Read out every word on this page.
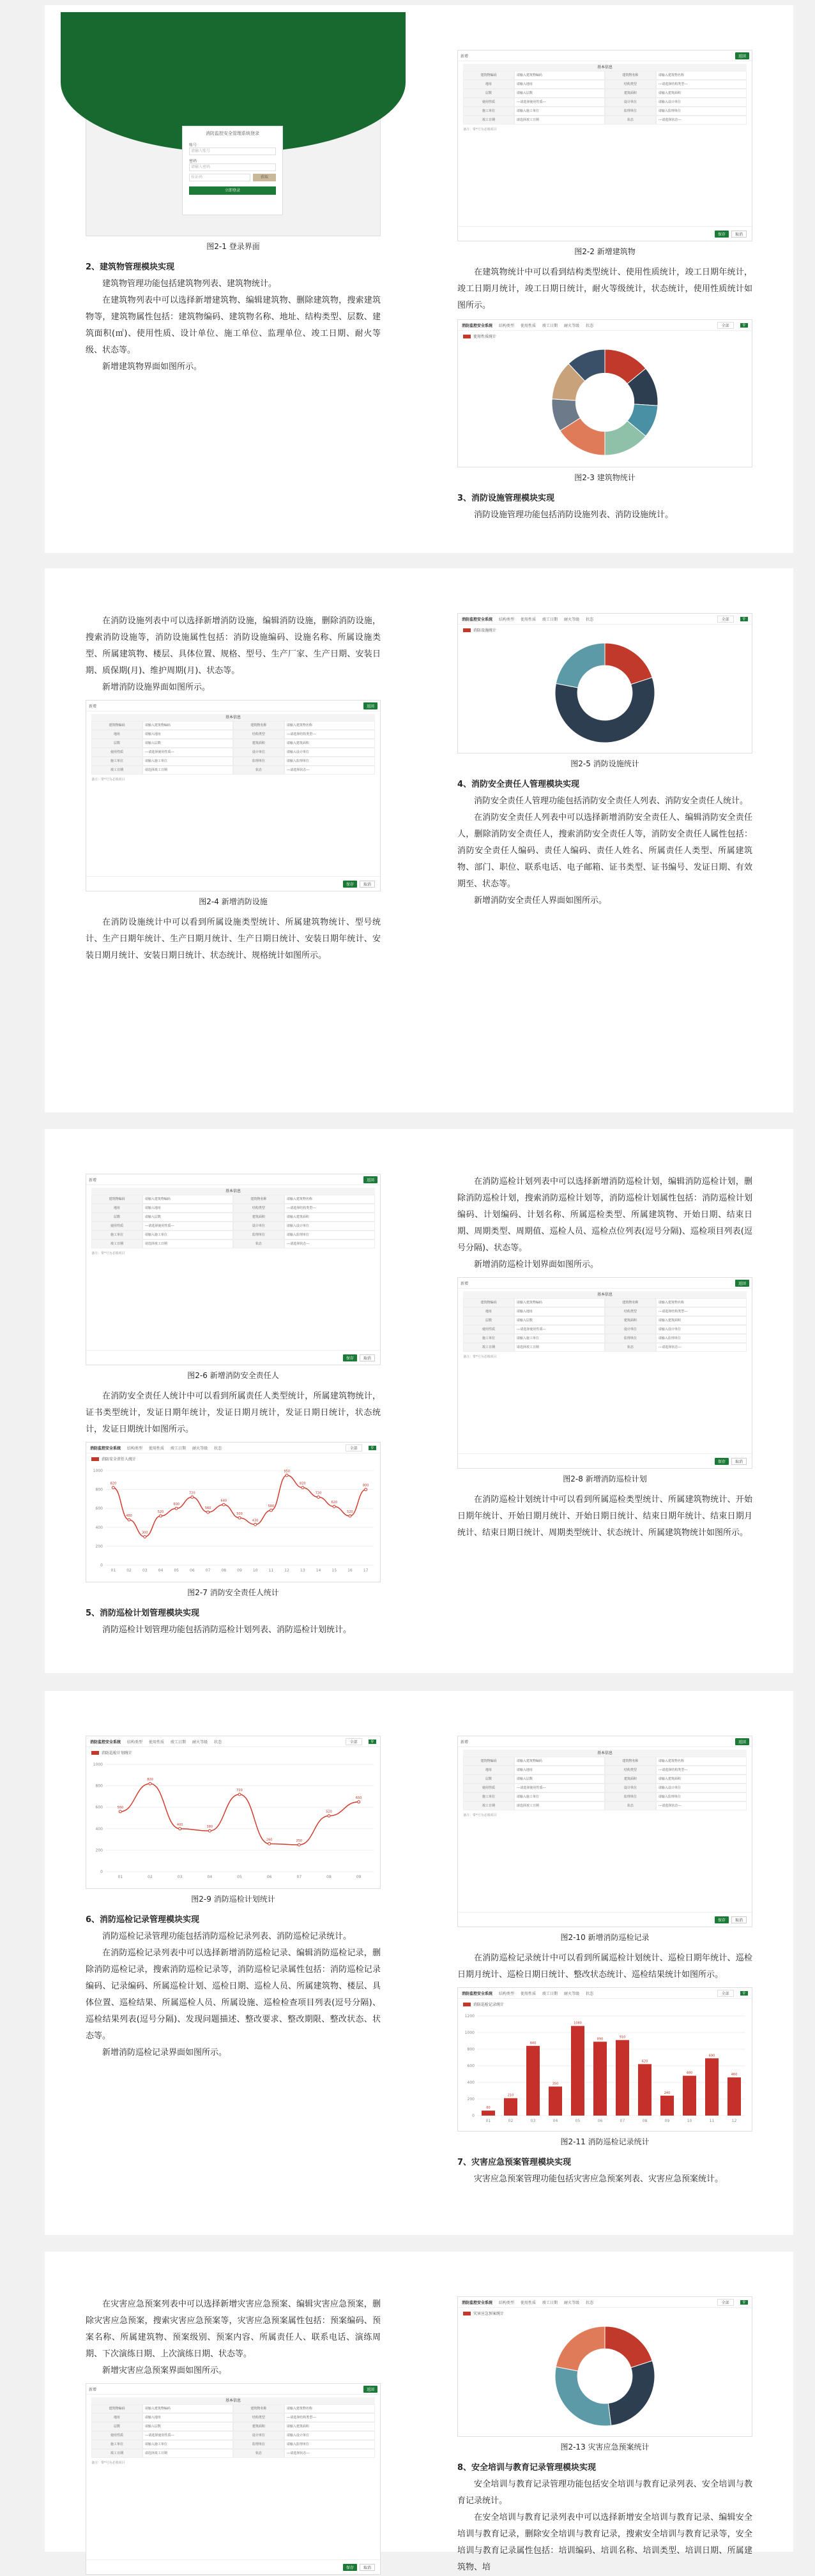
消防监控安全管理系统登录
账号
请输入账号
密码
请输入密码
验证码	获取
立即登录

图2-1 登录界面

2、建筑物管理模块实现

建筑物管理功能包括建筑物列表、建筑物统计。

在建筑物列表中可以选择新增建筑物、编辑建筑物、删除建筑物，搜索建筑物等，建筑物属性包括：建筑物编码、建筑物名称、地址、结构类型、层数、建筑面积(㎡)、使用性质、设计单位、施工单位、监理单位、竣工日期、耐火等级、状态等。

新增建筑物界面如图所示。

新增	返回
基本信息
建筑物编码	请输入建筑物编码	建筑物名称	请输入建筑物名称
地址	请输入地址	结构类型	---请选择结构类型---
层数	请输入层数	建筑面积	请输入建筑面积
使用性质	---请选择使用性质---	设计单位	请输入设计单位
施工单位	请输入施工单位	监理单位	请输入监理单位
竣工日期	请选择竣工日期	状态	---请选择状态---
备注：带*号为必填项目
保存	取消

图2-2 新增建筑物

在建筑物统计中可以看到结构类型统计、使用性质统计，竣工日期年统计，竣工日期月统计，竣工日期日统计，耐火等级统计，状态统计，使用性质统计如图所示。

消防监控安全系统 结构类型 使用性质 竣工日期 耐火等级 状态	全部	⚲
使用性质统计

图2-3 建筑物统计

3、消防设施管理模块实现

消防设施管理功能包括消防设施列表、消防设施统计。

在消防设施列表中可以选择新增消防设施，编辑消防设施，删除消防设施，搜索消防设施等，消防设施属性包括：消防设施编码、设施名称、所属设施类型、所属建筑物、楼层、具体位置、规格、型号、生产厂家、生产日期、安装日期、质保期(月)、维护周期(月)、状态等。

新增消防设施界面如图所示。

新增	返回
基本信息
建筑物编码	请输入建筑物编码	建筑物名称	请输入建筑物名称
地址	请输入地址	结构类型	---请选择结构类型---
层数	请输入层数	建筑面积	请输入建筑面积
使用性质	---请选择使用性质---	设计单位	请输入设计单位
施工单位	请输入施工单位	监理单位	请输入监理单位
竣工日期	请选择竣工日期	状态	---请选择状态---
备注：带*号为必填项目
保存	取消

图2-4 新增消防设施

在消防设施统计中可以看到所属设施类型统计、所属建筑物统计、型号统计、生产日期年统计、生产日期月统计、生产日期日统计、安装日期年统计、安装日期月统计、安装日期日统计、状态统计、规格统计如图所示。

消防监控安全系统 结构类型 使用性质 竣工日期 耐火等级 状态	全部	⚲
消防设施统计

图2-5 消防设施统计

4、消防安全责任人管理模块实现

消防安全责任人管理功能包括消防安全责任人列表、消防安全责任人统计。

在消防安全责任人列表中可以选择新增消防安全责任人、编辑消防安全责任人，删除消防安全责任人，搜索消防安全责任人等，消防安全责任人属性包括：消防安全责任人编码、责任人编码、责任人姓名、所属责任人类型、所属建筑物、部门、职位、联系电话、电子邮箱、证书类型、证书编号、发证日期、有效期至、状态等。

新增消防安全责任人界面如图所示。

新增	返回
基本信息
建筑物编码	请输入建筑物编码	建筑物名称	请输入建筑物名称
地址	请输入地址	结构类型	---请选择结构类型---
层数	请输入层数	建筑面积	请输入建筑面积
使用性质	---请选择使用性质---	设计单位	请输入设计单位
施工单位	请输入施工单位	监理单位	请输入监理单位
竣工日期	请选择竣工日期	状态	---请选择状态---
备注：带*号为必填项目
保存	取消

图2-6 新增消防安全责任人

在消防安全责任人统计中可以看到所属责任人类型统计，所属建筑物统计，证书类型统计，发证日期年统计，发证日期月统计，发证日期日统计，状态统计，发证日期统计如图所示。

消防监控安全系统 结构类型 使用性质 竣工日期 耐火等级 状态	全部	⚲
消防安全责任人统计
0
200
400
600
800
1000
820
01
480
02
300
03
520
04
600
05
720
06
560
07
640
08
500
09
430
10
580
11
950
12
820
13
720
14
620
15
520
16
800
17

图2-7 消防安全责任人统计

5、消防巡检计划管理模块实现

消防巡检计划管理功能包括消防巡检计划列表、消防巡检计划统计。

在消防巡检计划列表中可以选择新增消防巡检计划，编辑消防巡检计划，删除消防巡检计划，搜索消防巡检计划等，消防巡检计划属性包括：消防巡检计划编码、计划编码、计划名称、所属巡检类型、所属建筑物、开始日期、结束日期、周期类型、周期值、巡检人员、巡检点位列表(逗号分隔)、巡检项目列表(逗号分隔)、状态等。

新增消防巡检计划界面如图所示。

新增	返回
基本信息
建筑物编码	请输入建筑物编码	建筑物名称	请输入建筑物名称
地址	请输入地址	结构类型	---请选择结构类型---
层数	请输入层数	建筑面积	请输入建筑面积
使用性质	---请选择使用性质---	设计单位	请输入设计单位
施工单位	请输入施工单位	监理单位	请输入监理单位
竣工日期	请选择竣工日期	状态	---请选择状态---
备注：带*号为必填项目
保存	取消

图2-8 新增消防巡检计划

在消防巡检计划统计中可以看到所属巡检类型统计、所属建筑物统计、开始日期年统计、开始日期月统计、开始日期日统计、结束日期年统计、结束日期月统计、结束日期日统计、周期类型统计、状态统计、所属建筑物统计如图所示。

消防监控安全系统 结构类型 使用性质 竣工日期 耐火等级 状态	全部	⚲
消防巡检计划统计
0
200
400
600
800
1000
560
01
820
02
400
03
380
04
720
05
260
06
250
07
520
08
650
09

图2-9 消防巡检计划统计

6、消防巡检记录管理模块实现

消防巡检记录管理功能包括消防巡检记录列表、消防巡检记录统计。

在消防巡检记录列表中可以选择新增消防巡检记录、编辑消防巡检记录，删除消防巡检记录，搜索消防巡检记录等，消防巡检记录属性包括：消防巡检记录编码、记录编码、所属巡检计划、巡检日期、巡检人员、所属建筑物、楼层、具体位置、巡检结果、所属巡检人员、所属设施、巡检检查项目列表(逗号分隔)、巡检结果列表(逗号分隔)、发现问题描述、整改要求、整改期限、整改状态、状态等。

新增消防巡检记录界面如图所示。

新增	返回
基本信息
建筑物编码	请输入建筑物编码	建筑物名称	请输入建筑物名称
地址	请输入地址	结构类型	---请选择结构类型---
层数	请输入层数	建筑面积	请输入建筑面积
使用性质	---请选择使用性质---	设计单位	请输入设计单位
施工单位	请输入施工单位	监理单位	请输入监理单位
竣工日期	请选择竣工日期	状态	---请选择状态---
备注：带*号为必填项目
保存	取消

图2-10 新增消防巡检记录

在消防巡检记录统计中可以看到所属巡检计划统计、巡检日期年统计、巡检日期月统计、巡检日期日统计、整改状态统计、巡检结果统计如图所示。

消防监控安全系统 结构类型 使用性质 竣工日期 耐火等级 状态	全部	⚲
消防巡检记录统计
0
200
400
600
800
1000
1200
60
01
210
02
840
03
350
04
1080
05
890
06
910
07
620
08
240
09
480
10
690
11
460
12

图2-11 消防巡检记录统计

7、灾害应急预案管理模块实现

灾害应急预案管理功能包括灾害应急预案列表、灾害应急预案统计。

在灾害应急预案列表中可以选择新增灾害应急预案、编辑灾害应急预案，删除灾害应急预案，搜索灾害应急预案等，灾害应急预案属性包括：预案编码、预案名称、所属建筑物、预案级别、预案内容、所属责任人、联系电话、演练周期、下次演练日期、上次演练日期、状态等。

新增灾害应急预案界面如图所示。

新增	返回
基本信息
建筑物编码	请输入建筑物编码	建筑物名称	请输入建筑物名称
地址	请输入地址	结构类型	---请选择结构类型---
层数	请输入层数	建筑面积	请输入建筑面积
使用性质	---请选择使用性质---	设计单位	请输入设计单位
施工单位	请输入施工单位	监理单位	请输入监理单位
竣工日期	请选择竣工日期	状态	---请选择状态---
备注：带*号为必填项目
保存	取消
消防监控安全系统 结构类型 使用性质 竣工日期 耐火等级 状态	全部	⚲
灾害应急预案统计

图2-13 灾害应急预案统计

8、安全培训与教育记录管理模块实现

安全培训与教育记录管理功能包括安全培训与教育记录列表、安全培训与教育记录统计。

在安全培训与教育记录列表中可以选择新增安全培训与教育记录、编辑安全培训与教育记录，删除安全培训与教育记录，搜索安全培训与教育记录等，安全培训与教育记录属性包括：培训编码、培训名称、培训类型、培训日期、所属建筑物、培
